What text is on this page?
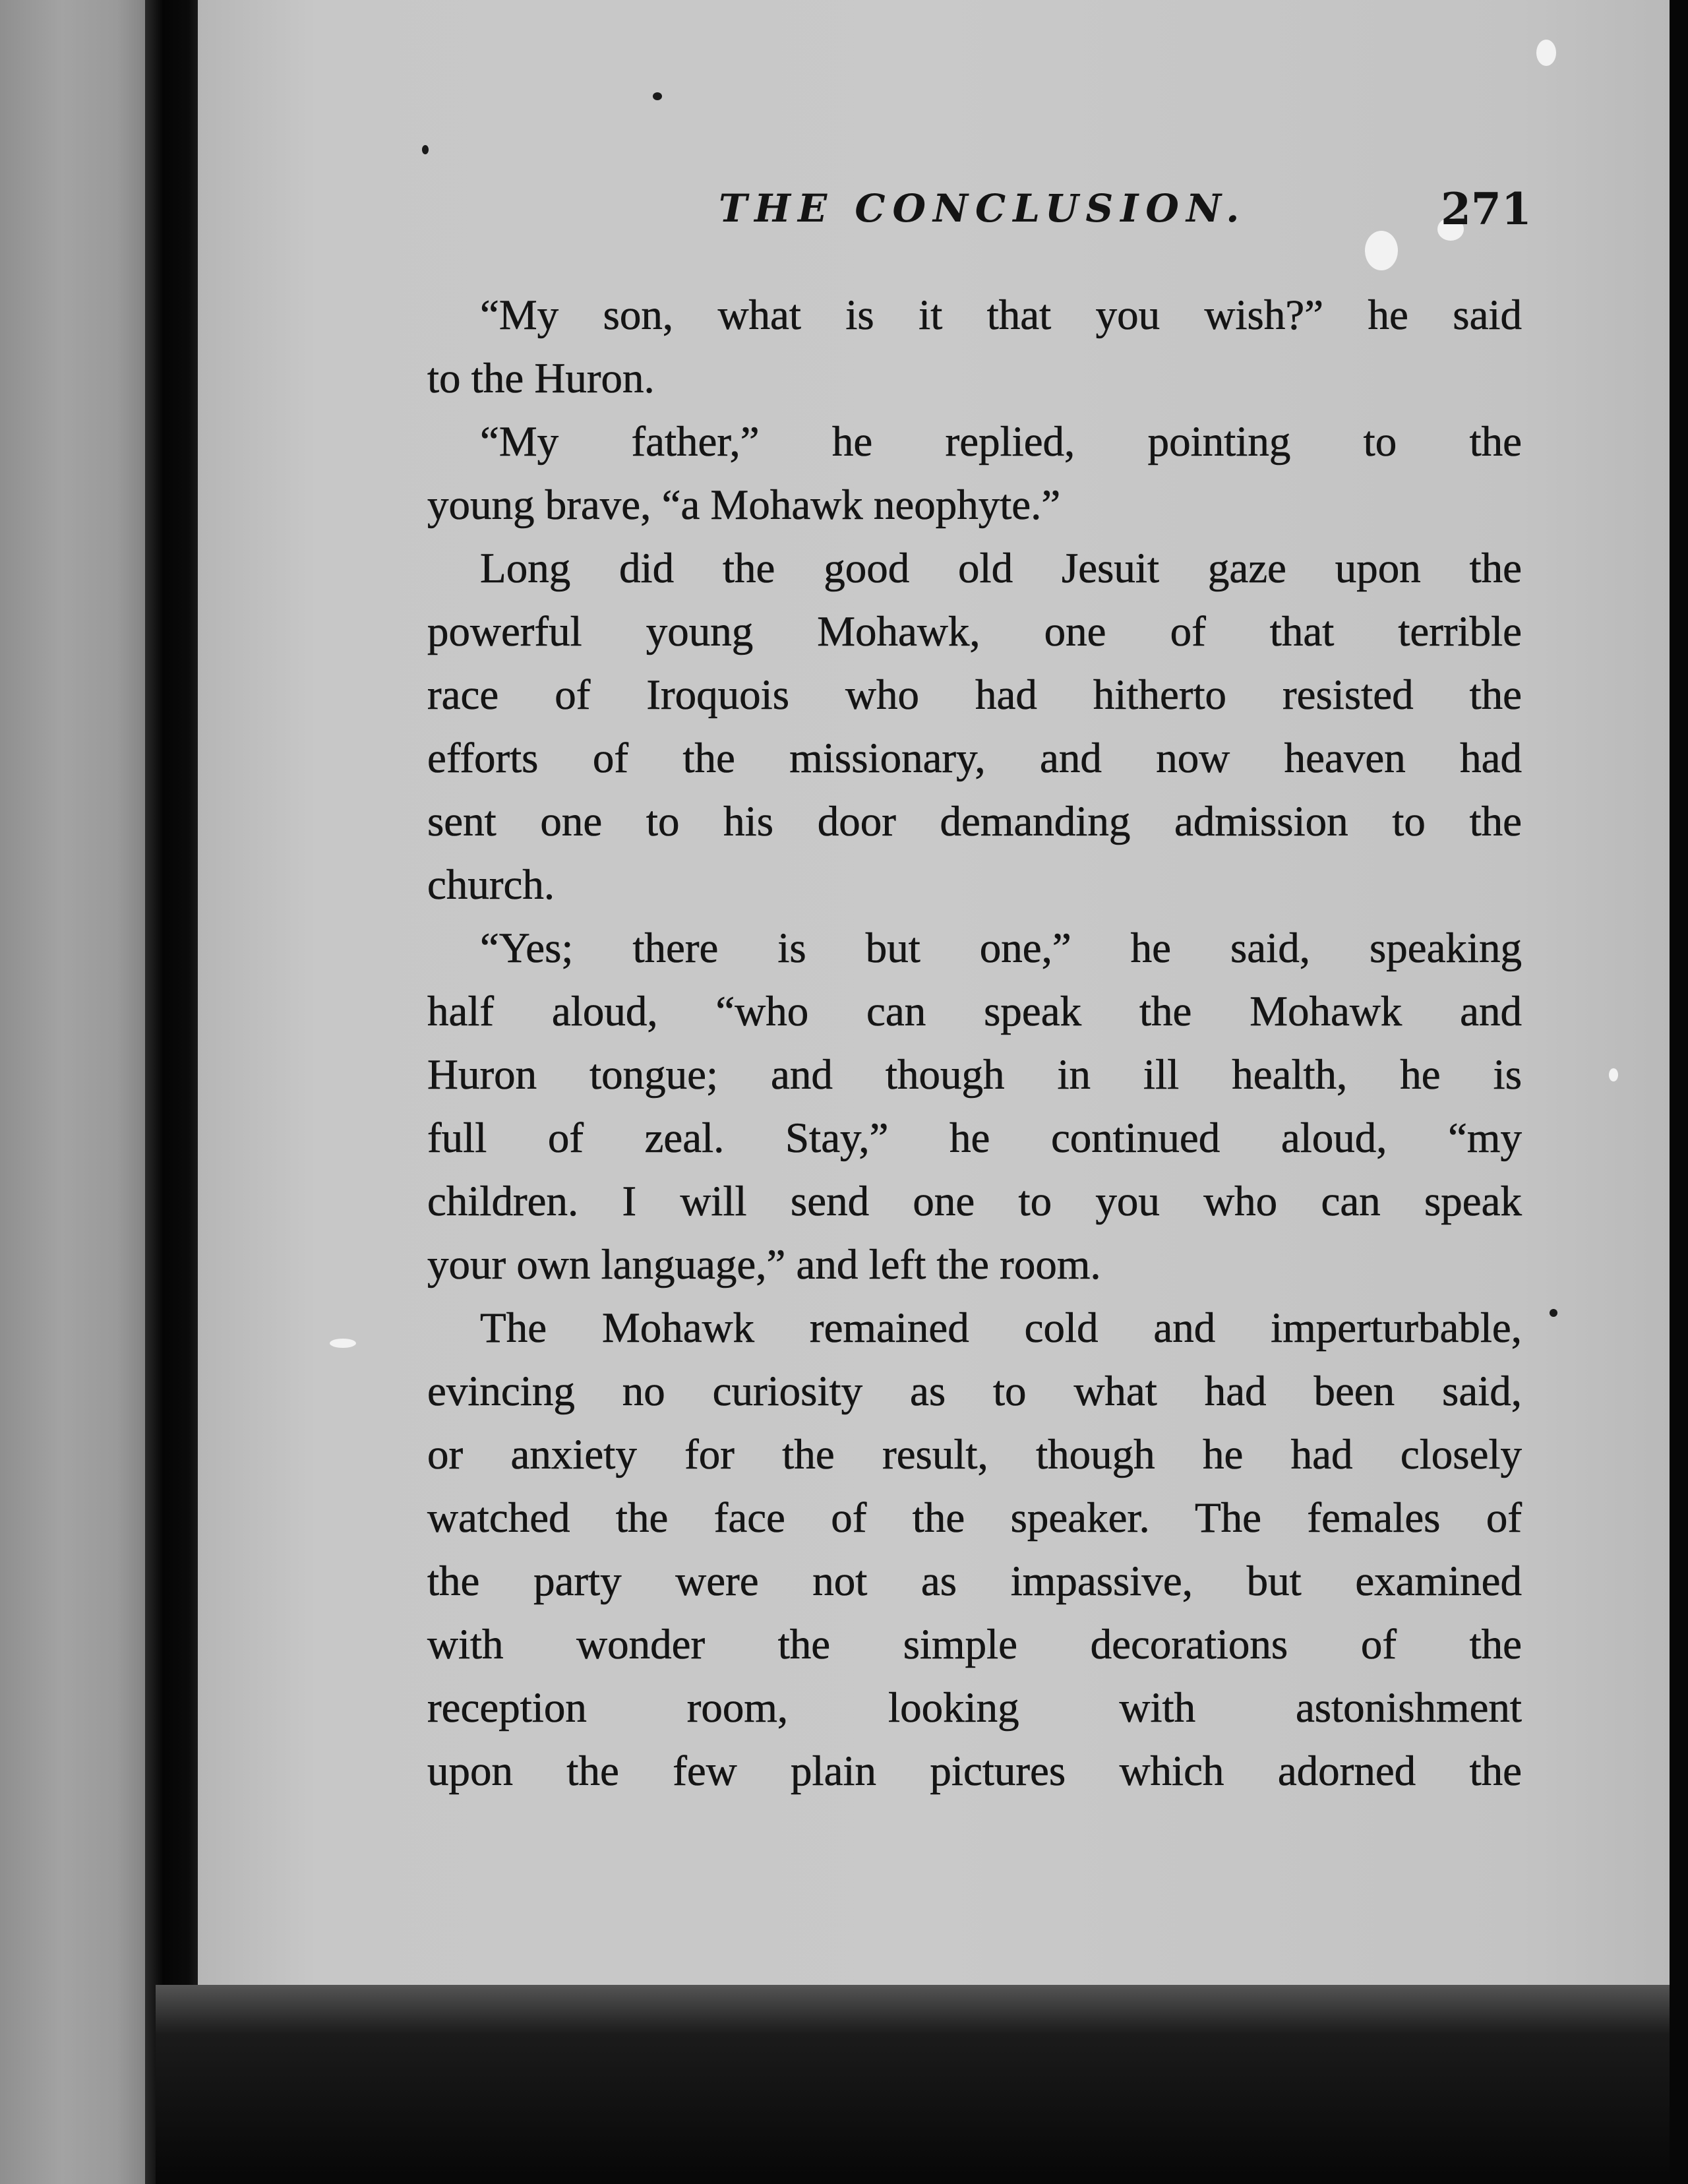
THE CONCLUSION.	271
“My son, what is it that you wish?” he said
to the Huron.
“My father,” he replied, pointing to the
young brave, “a Mohawk neophyte.”
Long did the good old Jesuit gaze upon the
powerful young Mohawk, one of that terrible
race of Iroquois who had hitherto resisted the
efforts of the missionary, and now heaven had
sent one to his door demanding admission to the
church.
“Yes; there is but one,” he said, speaking
half aloud, “who can speak the Mohawk and
Huron tongue; and though in ill health, he is
full of zeal. Stay,” he continued aloud, “my
children. I will send one to you who can speak
your own language,” and left the room.
The Mohawk remained cold and imperturbable,
evincing no curiosity as to what had been said,
or anxiety for the result, though he had closely
watched the face of the speaker. The females of
the party were not as impassive, but examined
with wonder the simple decorations of the
reception room, looking with astonishment
upon the few plain pictures which adorned the
